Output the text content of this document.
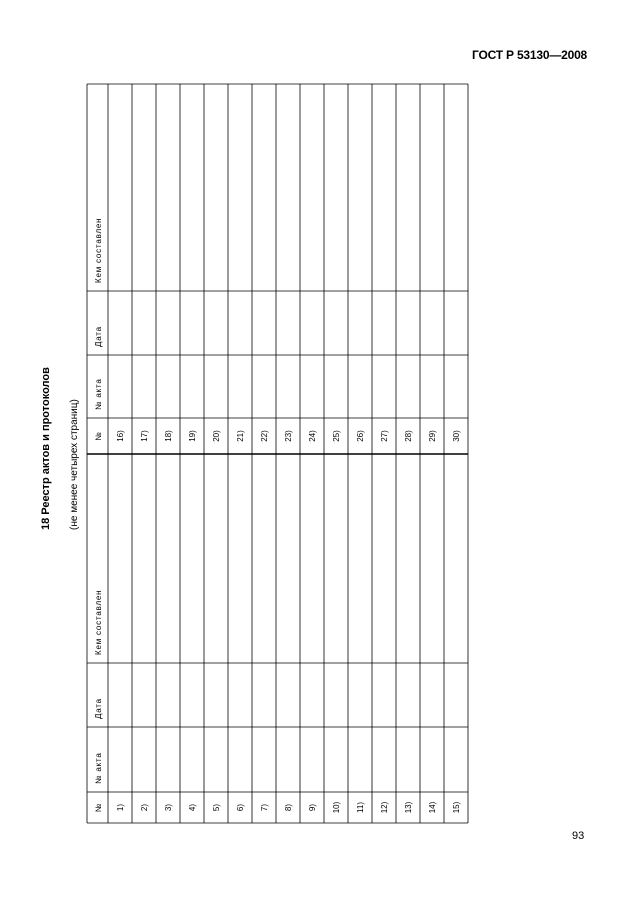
ГОСТ Р 53130—2008
18 Реестр актов и протоколов (не менее четырех страниц)
№
№ акта
Дата
Кем составлен
№
№ акта
Дата
Кем составлен
1)
16)
2)
17)
3)
18)
4)
19)
5)
20)
6)
21)
7)
22)
8)
23)
9)
24)
10)
25)
11)
26)
12)
27)
13)
28)
14)
29)
15)
30)
93
